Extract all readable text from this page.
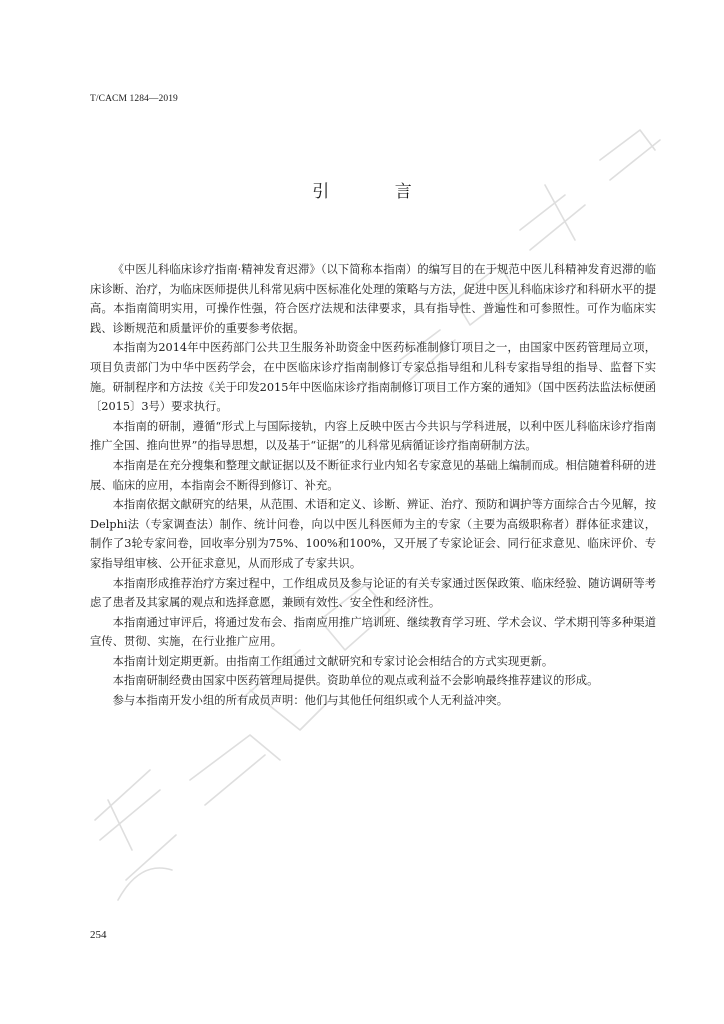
T/CACM 1284—2019
引 言

《中医儿科临床诊疗指南·精神发育迟滞》（以下简称本指南）的编写目的在于规范中医儿科精神发育迟滞的临床诊断、治疗，为临床医师提供儿科常见病中医标准化处理的策略与方法，促进中医儿科临床诊疗和科研水平的提高。本指南简明实用，可操作性强，符合医疗法规和法律要求，具有指导性、普遍性和可参照性。可作为临床实践、诊断规范和质量评价的重要参考依据。

本指南为2014年中医药部门公共卫生服务补助资金中医药标准制修订项目之一，由国家中医药管理局立项，项目负责部门为中华中医药学会，在中医临床诊疗指南制修订专家总指导组和儿科专家指导组的指导、监督下实施。研制程序和方法按《关于印发2015年中医临床诊疗指南制修订项目工作方案的通知》（国中医药法监法标便函〔2015〕3号）要求执行。

本指南的研制，遵循“形式上与国际接轨，内容上反映中医古今共识与学科进展，以利中医儿科临床诊疗指南推广全国、推向世界”的指导思想，以及基于“证据”的儿科常见病循证诊疗指南研制方法。

本指南是在充分搜集和整理文献证据以及不断征求行业内知名专家意见的基础上编制而成。相信随着科研的进展、临床的应用，本指南会不断得到修订、补充。

本指南依据文献研究的结果，从范围、术语和定义、诊断、辨证、治疗、预防和调护等方面综合古今见解，按Delphi法（专家调查法）制作、统计问卷，向以中医儿科医师为主的专家（主要为高级职称者）群体征求建议，制作了3轮专家问卷，回收率分别为75%、100%和100%，又开展了专家论证会、同行征求意见、临床评价、专家指导组审核、公开征求意见，从而形成了专家共识。

本指南形成推荐治疗方案过程中，工作组成员及参与论证的有关专家通过医保政策、临床经验、随访调研等考虑了患者及其家属的观点和选择意愿，兼顾有效性、安全性和经济性。

本指南通过审评后，将通过发布会、指南应用推广培训班、继续教育学习班、学术会议、学术期刊等多种渠道宣传、贯彻、实施，在行业推广应用。

本指南计划定期更新。由指南工作组通过文献研究和专家讨论会相结合的方式实现更新。

本指南研制经费由国家中医药管理局提供。资助单位的观点或利益不会影响最终推荐建议的形成。

参与本指南开发小组的所有成员声明：他们与其他任何组织或个人无利益冲突。

254
